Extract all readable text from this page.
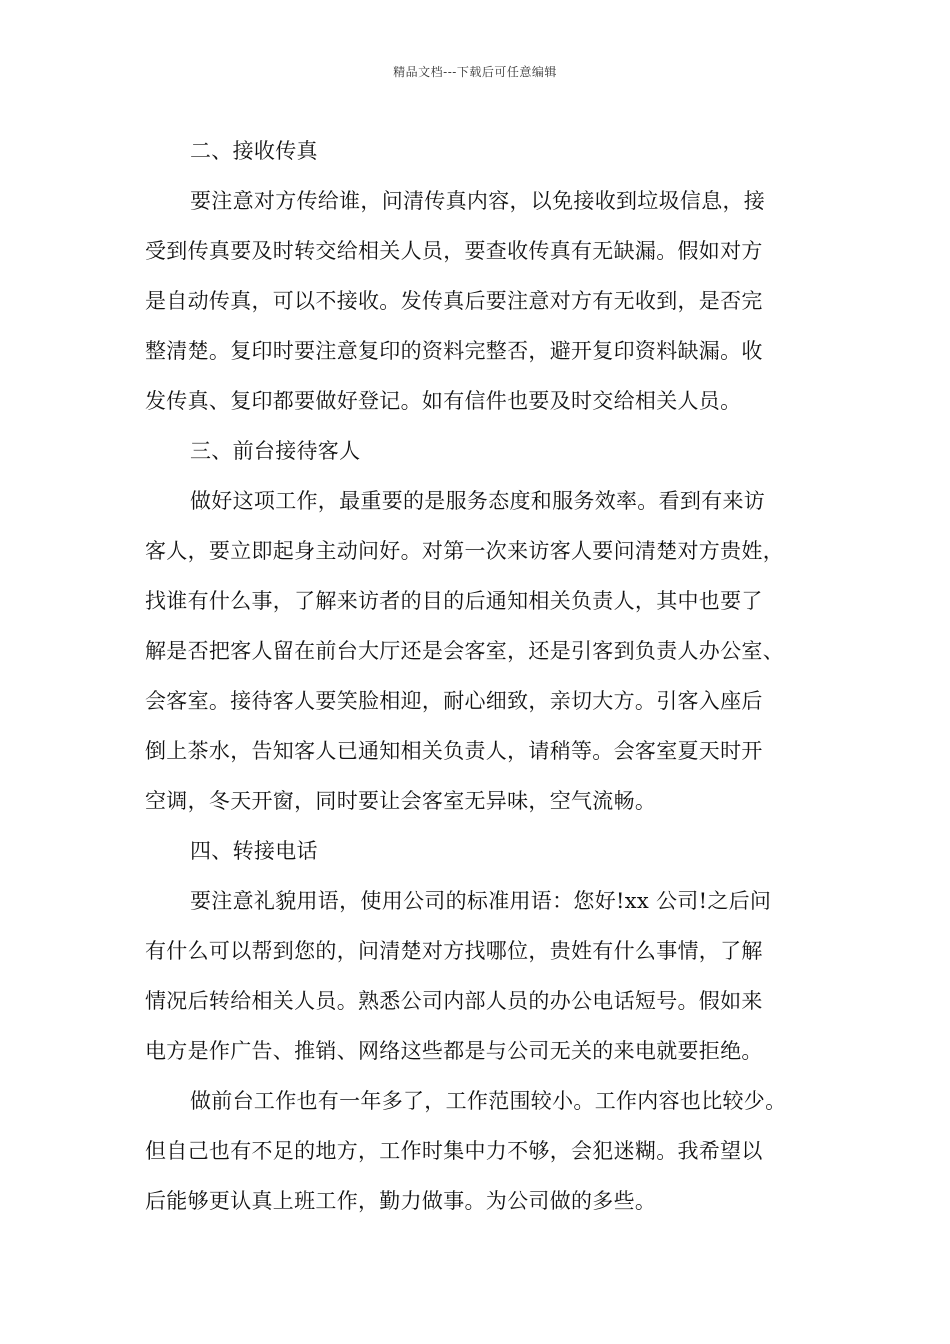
精品文档---下载后可任意编辑
二、接收传真
要注意对方传给谁，问清传真内容，以免接收到垃圾信息，接
受到传真要及时转交给相关人员，要查收传真有无缺漏。假如对方
是自动传真，可以不接收。发传真后要注意对方有无收到，是否完
整清楚。复印时要注意复印的资料完整否，避开复印资料缺漏。收
发传真、复印都要做好登记。如有信件也要及时交给相关人员。
三、前台接待客人
做好这项工作，最重要的是服务态度和服务效率。看到有来访
客人，要立即起身主动问好。对第一次来访客人要问清楚对方贵姓，
找谁有什么事，了解来访者的目的后通知相关负责人，其中也要了
解是否把客人留在前台大厅还是会客室，还是引客到负责人办公室、
会客室。接待客人要笑脸相迎，耐心细致，亲切大方。引客入座后
倒上茶水，告知客人已通知相关负责人，请稍等。会客室夏天时开
空调，冬天开窗，同时要让会客室无异味，空气流畅。
四、转接电话
要注意礼貌用语，使用公司的标准用语：您好!xx 公司!之后问
有什么可以帮到您的，问清楚对方找哪位，贵姓有什么事情，了解
情况后转给相关人员。熟悉公司内部人员的办公电话短号。假如来
电方是作广告、推销、网络这些都是与公司无关的来电就要拒绝。
做前台工作也有一年多了，工作范围较小。工作内容也比较少。
但自己也有不足的地方，工作时集中力不够，会犯迷糊。我希望以
后能够更认真上班工作，勤力做事。为公司做的多些。
